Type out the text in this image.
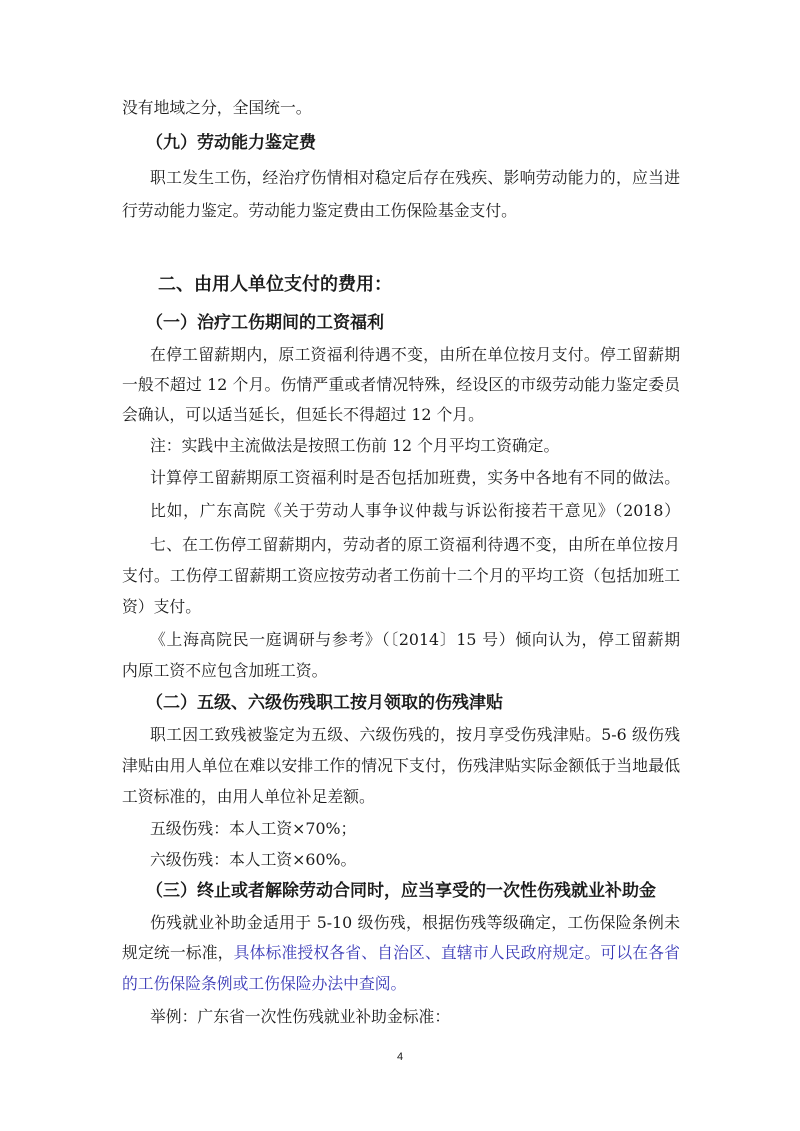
没有地域之分，全国统一。
（九）劳动能力鉴定费
职工发生工伤，经治疗伤情相对稳定后存在残疾、影响劳动能力的，应当进
行劳动能力鉴定。劳动能力鉴定费由工伤保险基金支付。
二、由用人单位支付的费用：
（一）治疗工伤期间的工资福利
在停工留薪期内，原工资福利待遇不变，由所在单位按月支付。停工留薪期
一般不超过 12 个月。伤情严重或者情况特殊，经设区的市级劳动能力鉴定委员
会确认，可以适当延长，但延长不得超过 12 个月。
注：实践中主流做法是按照工伤前 12 个月平均工资确定。
计算停工留薪期原工资福利时是否包括加班费，实务中各地有不同的做法。
比如，广东高院《关于劳动人事争议仲裁与诉讼衔接若干意见》（2018）
七、在工伤停工留薪期内，劳动者的原工资福利待遇不变，由所在单位按月
支付。工伤停工留薪期工资应按劳动者工伤前十二个月的平均工资（包括加班工
资）支付。
《上海高院民一庭调研与参考》（〔2014〕15 号）倾向认为，停工留薪期
内原工资不应包含加班工资。
（二）五级、六级伤残职工按月领取的伤残津贴
职工因工致残被鉴定为五级、六级伤残的，按月享受伤残津贴。5-6 级伤残
津贴由用人单位在难以安排工作的情况下支付，伤残津贴实际金额低于当地最低
工资标准的，由用人单位补足差额。
五级伤残：本人工资×70%；
六级伤残：本人工资×60%。
（三）终止或者解除劳动合同时，应当享受的一次性伤残就业补助金
伤残就业补助金适用于 5-10 级伤残，根据伤残等级确定，工伤保险条例未
规定统一标准，具体标准授权各省、自治区、直辖市人民政府规定。可以在各省
的工伤保险条例或工伤保险办法中查阅。
举例：广东省一次性伤残就业补助金标准：
4
